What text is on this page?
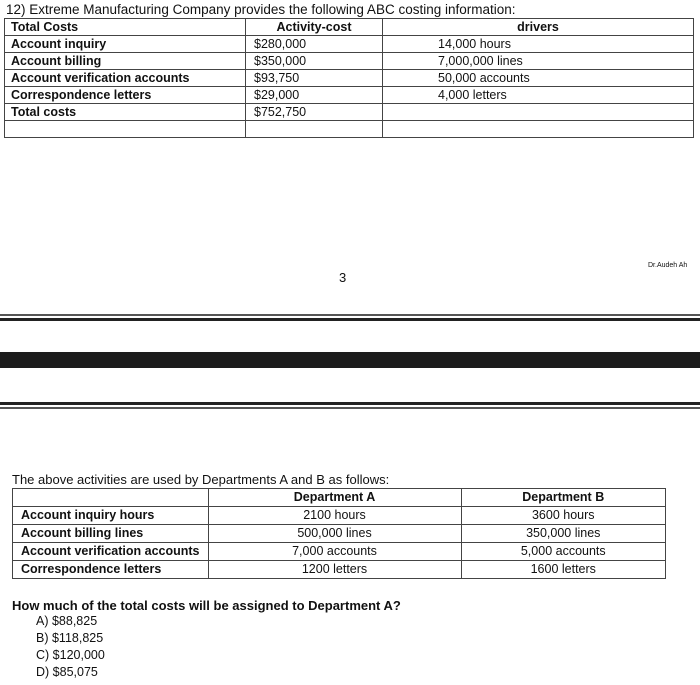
12) Extreme Manufacturing Company provides the following ABC costing information:
Total Costs	Activity-cost	drivers
Account inquiry	$280,000	14,000 hours
Account billing	$350,000	7,000,000 lines
Account verification accounts	$93,750	50,000 accounts
Correspondence letters	$29,000	4,000 letters
Total costs	$752,750	

3
Dr.Audeh Ah
The above activities are used by Departments A and B as follows:
	Department A	Department B
Account inquiry hours	2100 hours	3600 hours
Account billing lines	500,000 lines	350,000 lines
Account verification accounts	7,000 accounts	5,000 accounts
Correspondence letters	1200 letters	1600 letters
How much of the total costs will be assigned to Department A?
A) $88,825
B) $118,825
C) $120,000
D) $85,075
